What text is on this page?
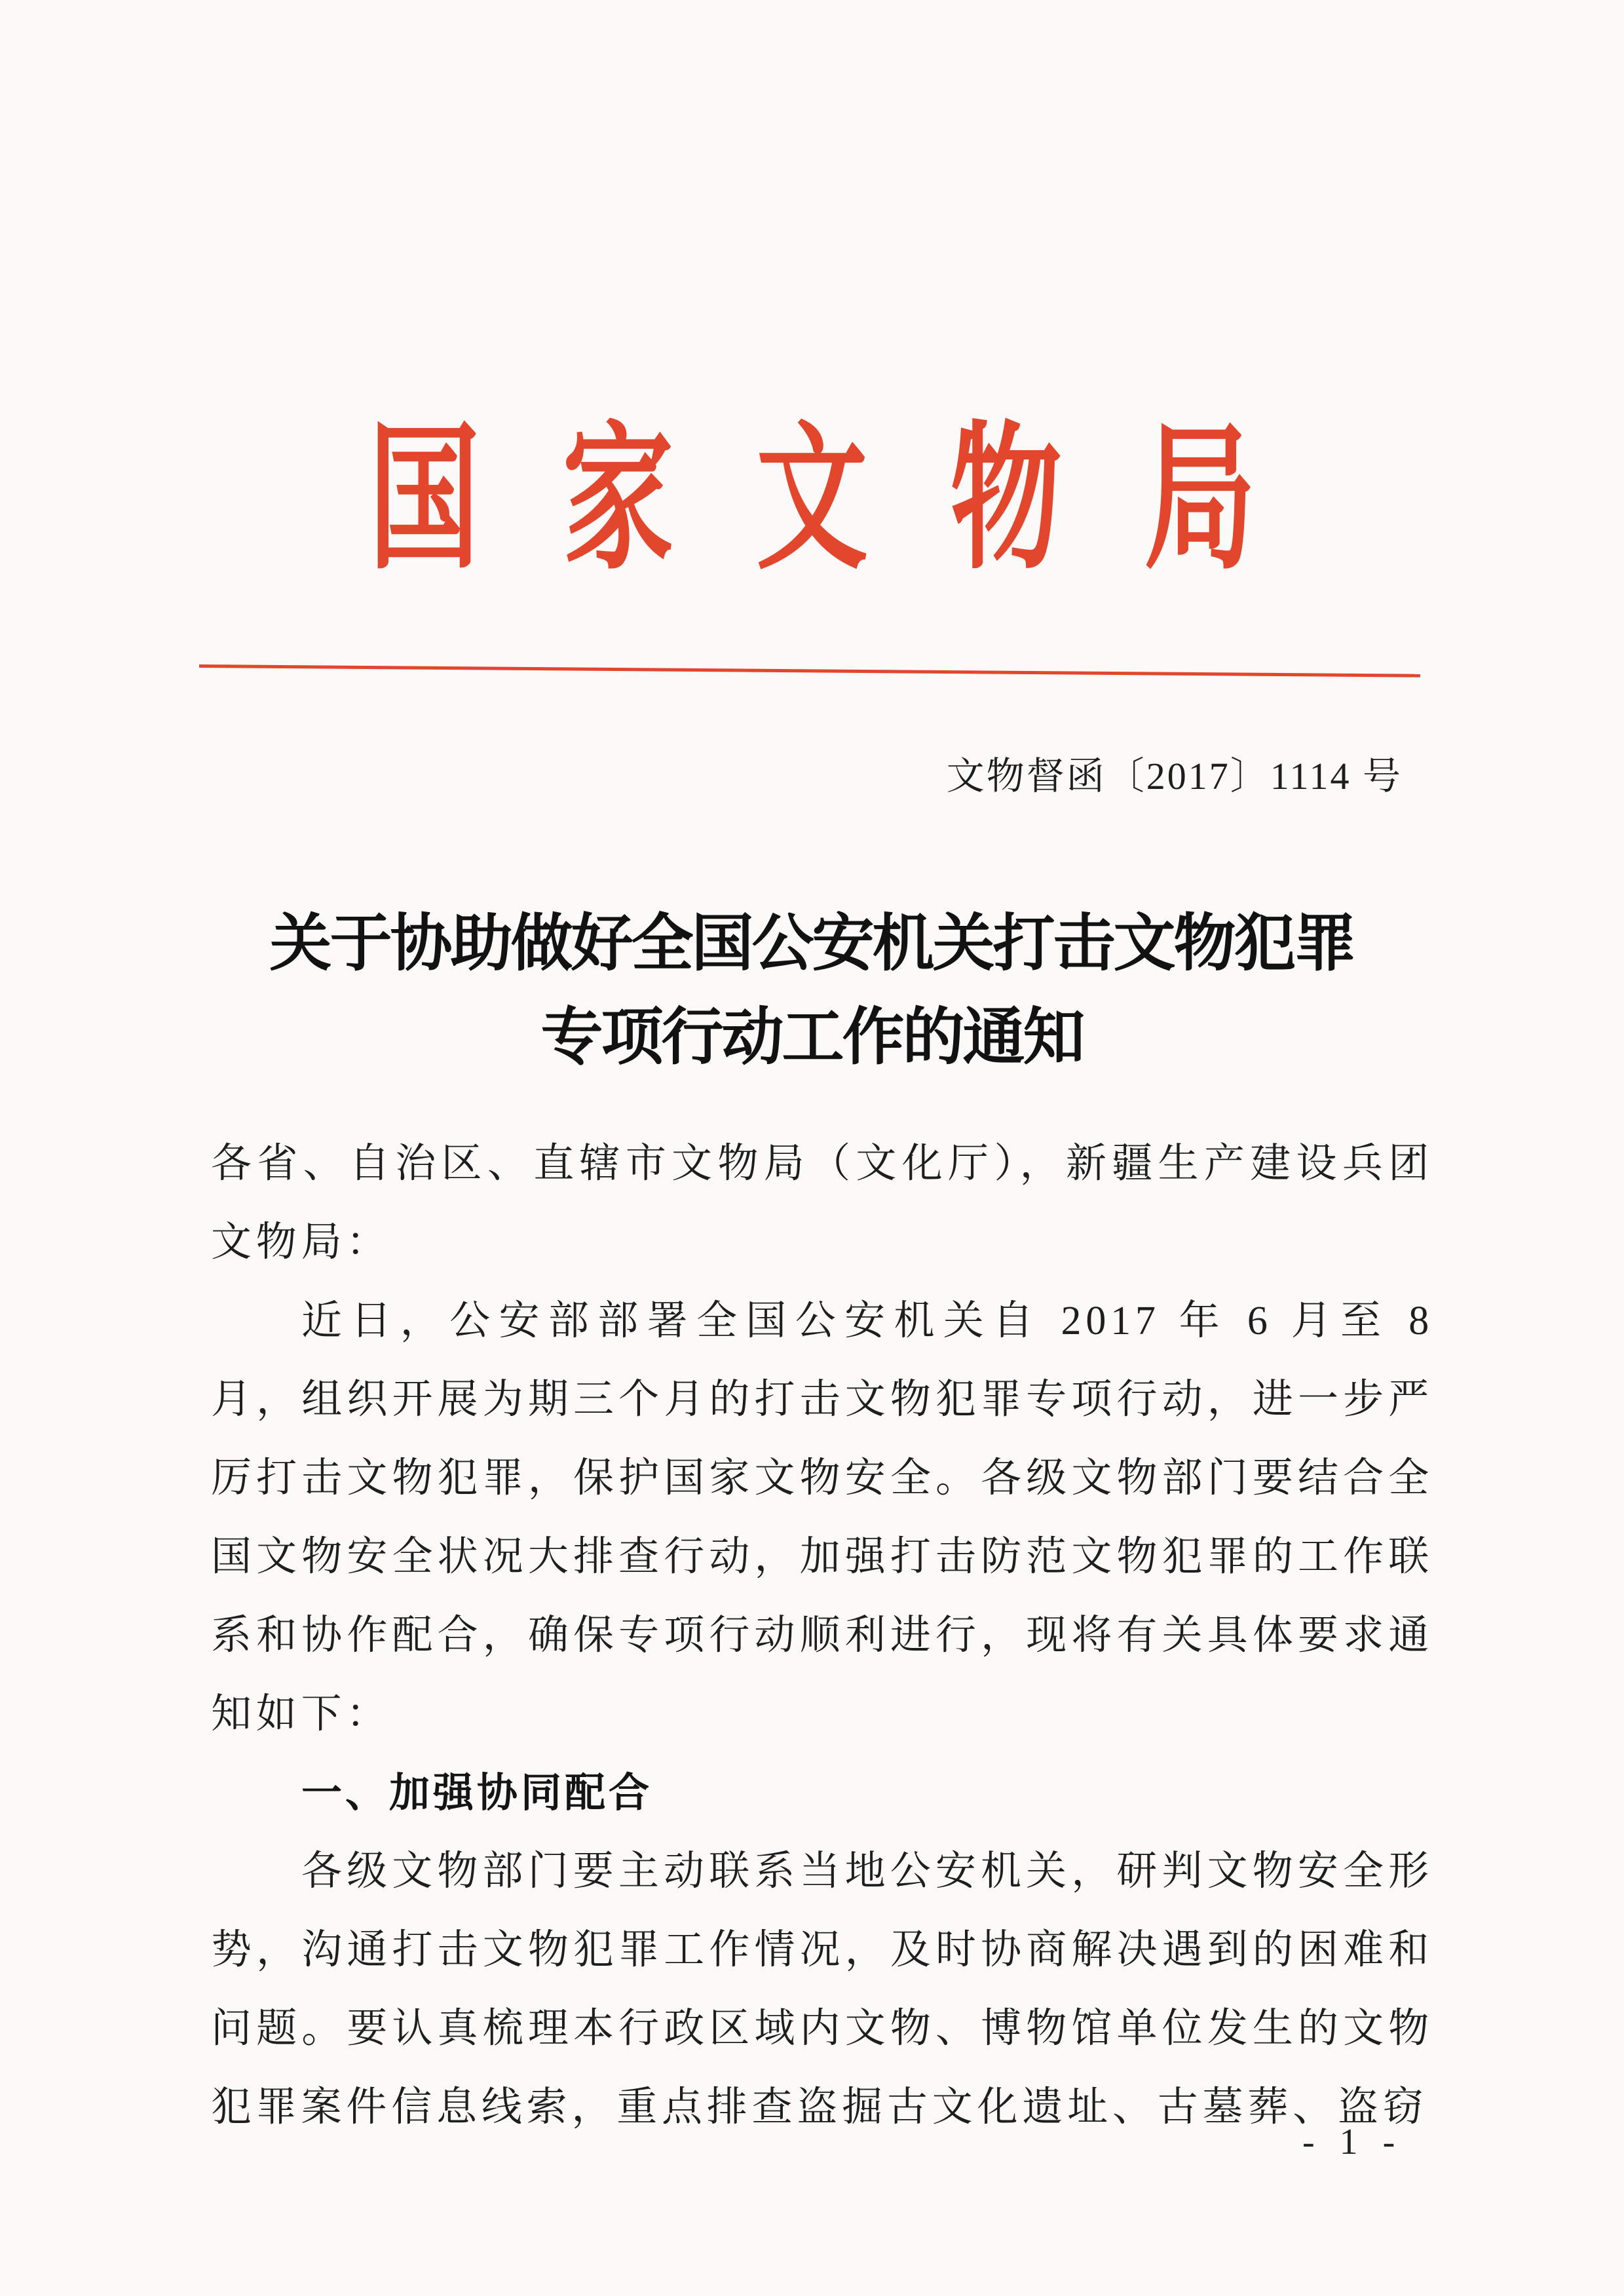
国家文物局
文物督函〔2017〕1114 号
关于协助做好全国公安机关打击文物犯罪
专项行动工作的通知

各省、自治区、直辖市文物局（文化厅），新疆生产建设兵团文物局：

近日，公安部部署全国公安机关自 2017 年 6 月至 8 月，组织开展为期三个月的打击文物犯罪专项行动，进一步严厉打击文物犯罪，保护国家文物安全。各级文物部门要结合全国文物安全状况大排查行动，加强打击防范文物犯罪的工作联系和协作配合，确保专项行动顺利进行，现将有关具体要求通知如下：

一、加强协同配合

各级文物部门要主动联系当地公安机关，研判文物安全形势，沟通打击文物犯罪工作情况，及时协商解决遇到的困难和问题。要认真梳理本行政区域内文物、博物馆单位发生的文物犯罪案件信息线索，重点排查盗掘古文化遗址、古墓葬、盗窃

- 1 -
